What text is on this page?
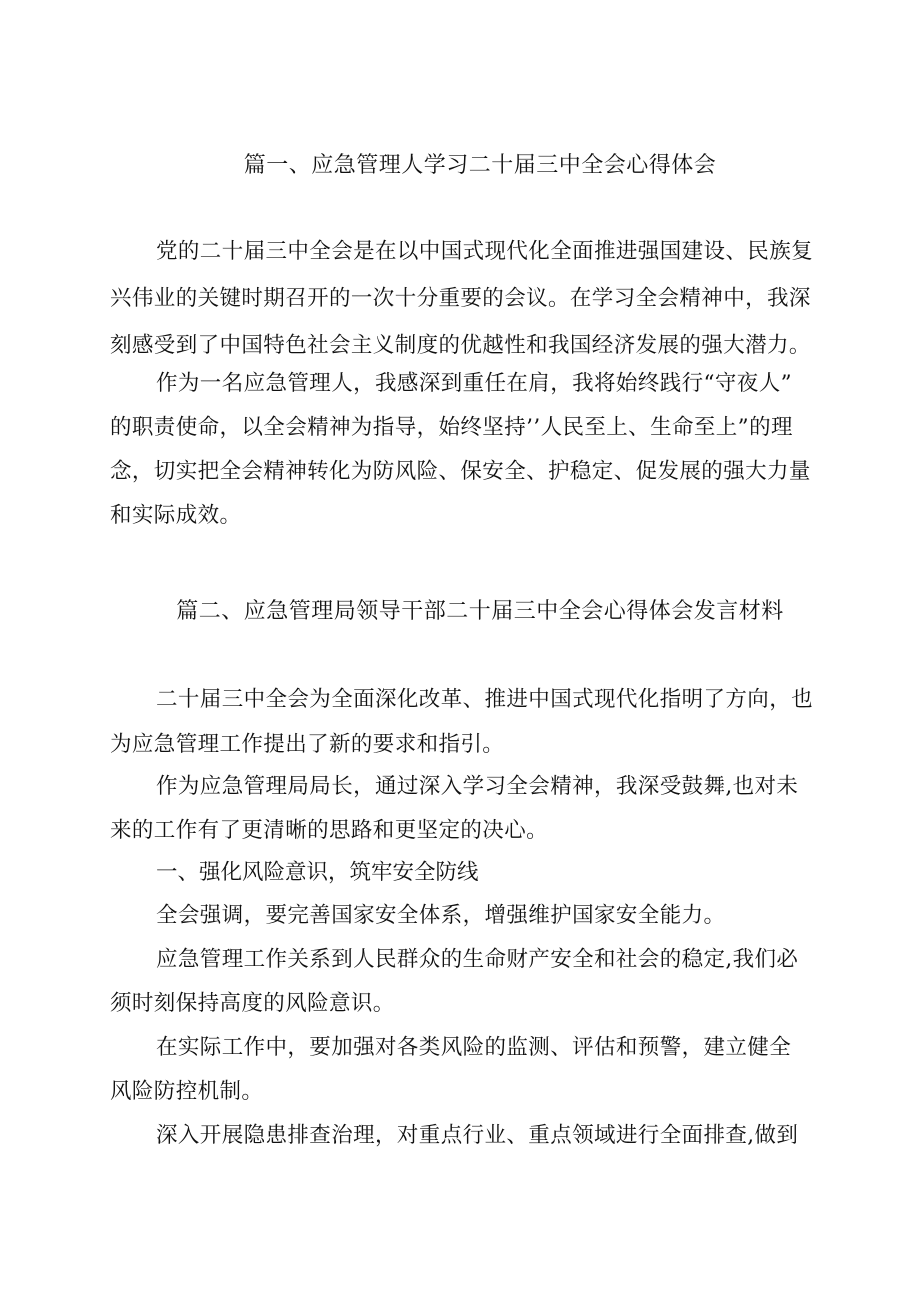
篇一、应急管理人学习二十届三中全会心得体会
党的二十届三中全会是在以中国式现代化全面推进强国建设、民族复
兴伟业的关键时期召开的一次十分重要的会议。在学习全会精神中，我深
刻感受到了中国特色社会主义制度的优越性和我国经济发展的强大潜力。
作为一名应急管理人，我感深到重任在肩，我将始终践行“守夜人”
的职责使命，以全会精神为指导，始终坚持’’人民至上、生命至上”的理
念，切实把全会精神转化为防风险、保安全、护稳定、促发展的强大力量
和实际成效。
篇二、应急管理局领导干部二十届三中全会心得体会发言材料
二十届三中全会为全面深化改革、推进中国式现代化指明了方向，也
为应急管理工作提出了新的要求和指引。
作为应急管理局局长，通过深入学习全会精神，我深受鼓舞,也对未
来的工作有了更清晰的思路和更坚定的决心。
一、强化风险意识，筑牢安全防线
全会强调，要完善国家安全体系，增强维护国家安全能力。
应急管理工作关系到人民群众的生命财产安全和社会的稳定,我们必
须时刻保持高度的风险意识。
在实际工作中，要加强对各类风险的监测、评估和预警，建立健全
风险防控机制。
深入开展隐患排查治理，对重点行业、重点领域进行全面排查,做到
